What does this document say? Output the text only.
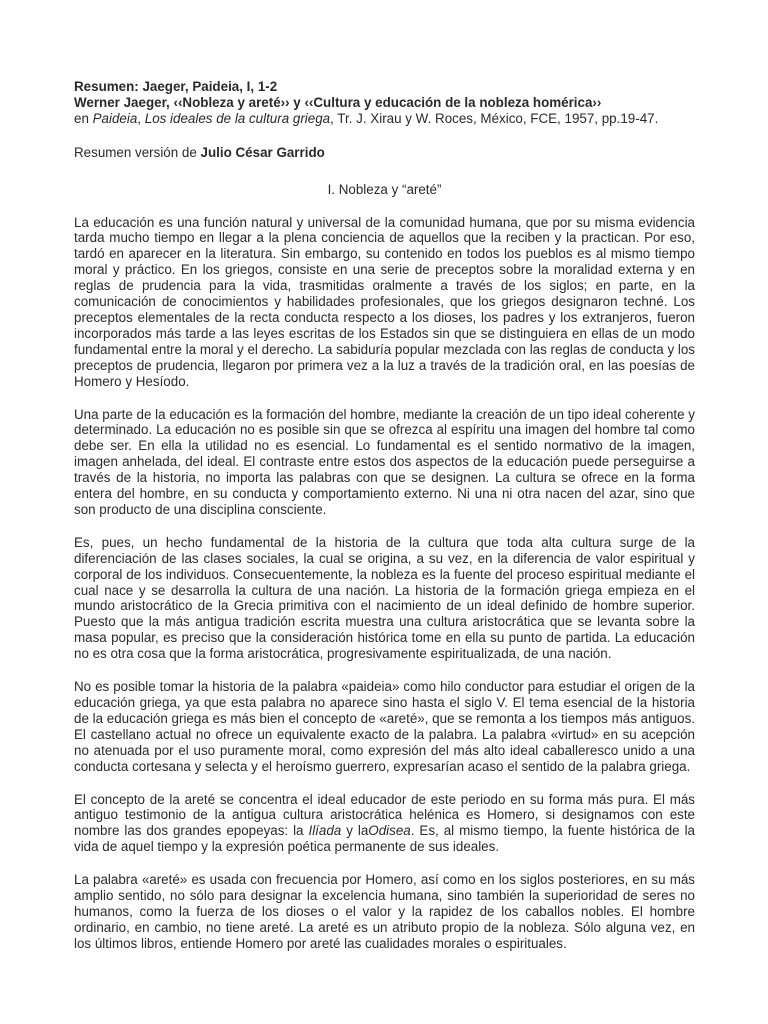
Resumen: Jaeger, Paideia, I, 1-2

Werner Jaeger, ‹‹Nobleza y areté›› y ‹‹Cultura y educación de la nobleza homérica››

en Paideia, Los ideales de la cultura griega, Tr. J. Xirau y W. Roces, México, FCE, 1957, pp.19-47.

Resumen versión de Julio César Garrido

I. Nobleza y “areté”

La educación es una función natural y universal de la comunidad humana, que por su misma evidencia tarda mucho tiempo en llegar a la plena conciencia de aquellos que la reciben y la practican. Por eso, tardó en aparecer en la literatura. Sin embargo, su contenido en todos los pueblos es al mismo tiempo moral y práctico. En los griegos, consiste en una serie de preceptos sobre la moralidad externa y en reglas de prudencia para la vida, trasmitidas oralmente a través de los siglos; en parte, en la comunicación de conocimientos y habilidades profesionales, que los griegos designaron techné. Los preceptos elementales de la recta conducta respecto a los dioses, los padres y los extranjeros, fueron incorporados más tarde a las leyes escritas de los Estados sin que se distinguiera en ellas de un modo fundamental entre la moral y el derecho. La sabiduría popular mezclada con las reglas de conducta y los preceptos de prudencia, llegaron por primera vez a la luz a través de la tradición oral, en las poesías de Homero y Hesíodo.

Una parte de la educación es la formación del hombre, mediante la creación de un tipo ideal coherente y determinado. La educación no es posible sin que se ofrezca al espíritu una imagen del hombre tal como debe ser. En ella la utilidad no es esencial. Lo fundamental es el sentido normativo de la imagen, imagen anhelada, del ideal. El contraste entre estos dos aspectos de la educación puede perseguirse a través de la historia, no importa las palabras con que se designen. La cultura se ofrece en la forma entera del hombre, en su conducta y comportamiento externo. Ni una ni otra nacen del azar, sino que son producto de una disciplina consciente.

Es, pues, un hecho fundamental de la historia de la cultura que toda alta cultura surge de la diferenciación de las clases sociales, la cual se origina, a su vez, en la diferencia de valor espiritual y corporal de los individuos. Consecuentemente, la nobleza es la fuente del proceso espiritual mediante el cual nace y se desarrolla la cultura de una nación. La historia de la formación griega empieza en el mundo aristocrático de la Grecia primitiva con el nacimiento de un ideal definido de hombre superior. Puesto que la más antigua tradición escrita muestra una cultura aristocrática que se levanta sobre la masa popular, es preciso que la consideración histórica tome en ella su punto de partida. La educación no es otra cosa que la forma aristocrática, progresivamente espiritualizada, de una nación.

No es posible tomar la historia de la palabra «paideia» como hilo conductor para estudiar el origen de la educación griega, ya que esta palabra no aparece sino hasta el siglo V. El tema esencial de la historia de la educación griega es más bien el concepto de «areté», que se remonta a los tiempos más antiguos. El castellano actual no ofrece un equivalente exacto de la palabra. La palabra «virtud» en su acepción no atenuada por el uso puramente moral, como expresión del más alto ideal caballeresco unido a una conducta cortesana y selecta y el heroísmo guerrero, expresarían acaso el sentido de la palabra griega.

El concepto de la areté se concentra el ideal educador de este periodo en su forma más pura. El más antiguo testimonio de la antigua cultura aristocrática helénica es Homero, si designamos con este nombre las dos grandes epopeyas: la Ilíada y laOdisea. Es, al mismo tiempo, la fuente histórica de la vida de aquel tiempo y la expresión poética permanente de sus ideales.

La palabra «areté» es usada con frecuencia por Homero, así como en los siglos posteriores, en su más amplio sentido, no sólo para designar la excelencia humana, sino también la superioridad de seres no humanos, como la fuerza de los dioses o el valor y la rapidez de los caballos nobles. El hombre ordinario, en cambio, no tiene areté. La areté es un atributo propio de la nobleza. Sólo alguna vez, en los últimos libros, entiende Homero por areté las cualidades morales o espirituales.
